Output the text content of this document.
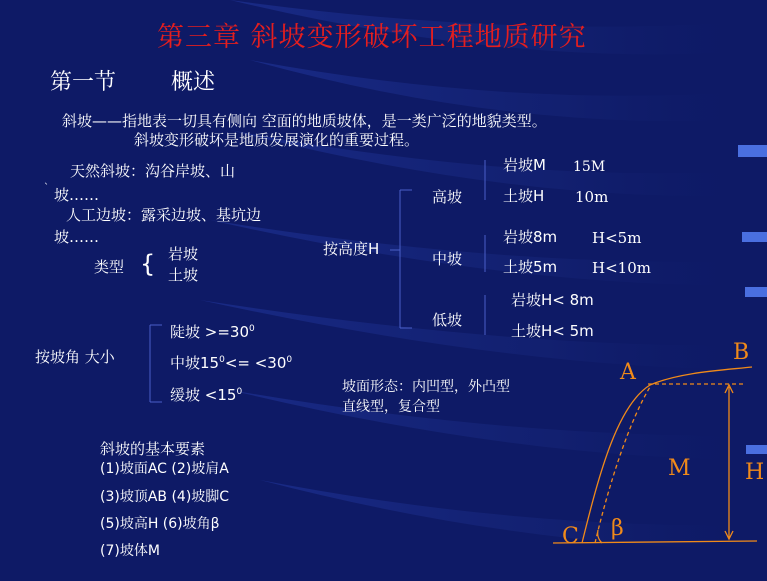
第三章 斜坡变形破坏工程地质研究
第一节 概述
斜坡——指地表一切具有侧向 空面的地质坡体，是一类广泛的地貌类型。
斜坡变形破坏是地质发展演化的重要过程。
天然斜坡：沟谷岸坡、山
坡……
人工边坡：露采边坡、基坑边
坡……
类型 { 岩坡
土坡
按高度H
高坡
岩坡M 15M
土坡H 10m
中坡
岩坡8m H<5m
土坡5m H<10m
低坡
岩坡H< 8m
土坡H< 5m
ˎ
按坡角 大小
陡坡 $>=30^0$
中坡$15^0<= <30^0$
缓坡 $<15^0$	坡面形态：内凹型，外凸型
直线型，复合型
斜坡的基本要素
(1)坡面AC (2)坡肩A
(3)坡顶AB (4)坡脚C
(5)坡高H (6)坡角β
(7)坡体M
A
B
C
M H
β
